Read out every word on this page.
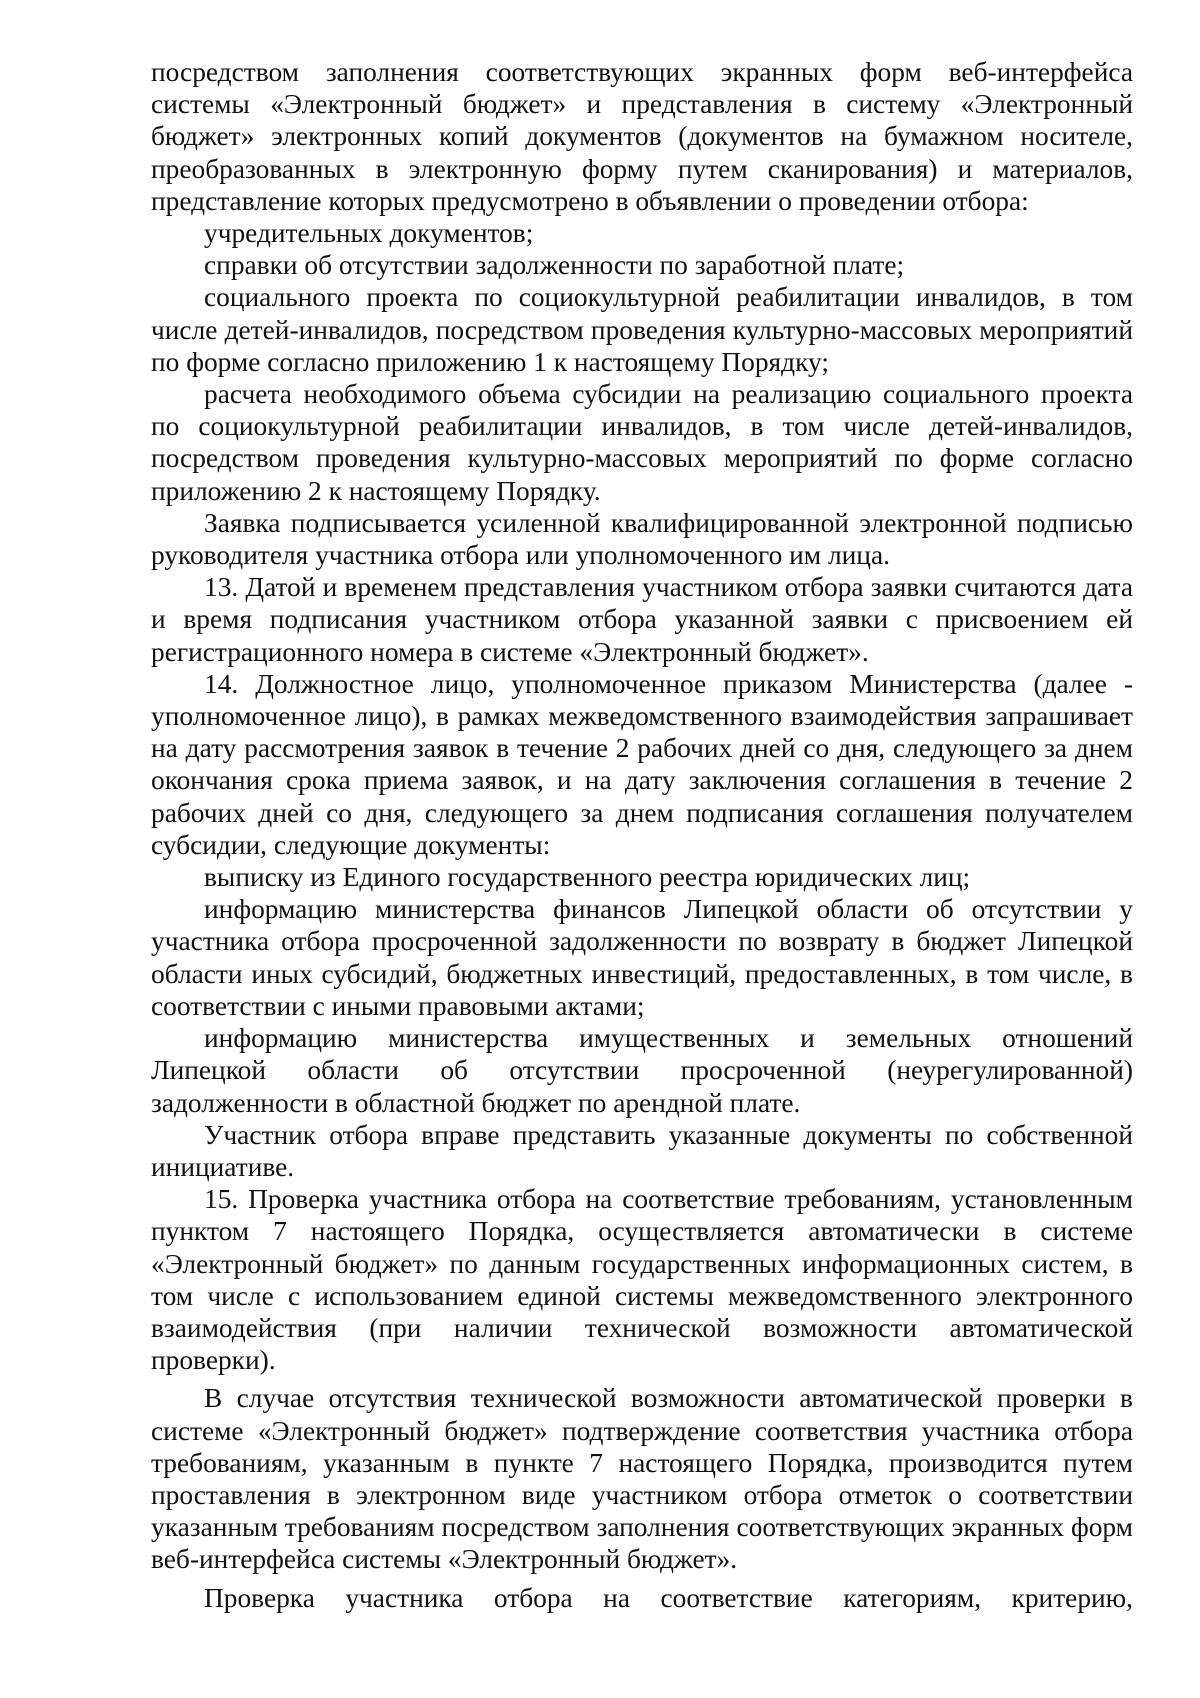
посредством заполнения соответствующих экранных форм веб-интерфейса системы «Электронный бюджет» и представления в систему «Электронный бюджет» электронных копий документов (документов на бумажном носителе, преобразованных в электронную форму путем сканирования) и материалов, представление которых предусмотрено в объявлении о проведении отбора:

учредительных документов;

справки об отсутствии задолженности по заработной плате;

социального проекта по социокультурной реабилитации инвалидов, в том числе детей-инвалидов, посредством проведения культурно-массовых мероприятий по форме согласно приложению 1 к настоящему Порядку;

расчета необходимого объема субсидии на реализацию социального проекта по социокультурной реабилитации инвалидов, в том числе детей-инвалидов, посредством проведения культурно-массовых мероприятий по форме согласно приложению 2 к настоящему Порядку.

Заявка подписывается усиленной квалифицированной электронной подписью руководителя участника отбора или уполномоченного им лица.

13. Датой и временем представления участником отбора заявки считаются дата и время подписания участником отбора указанной заявки с присвоением ей регистрационного номера в системе «Электронный бюджет».

14. Должностное лицо, уполномоченное приказом Министерства (далее - уполномоченное лицо), в рамках межведомственного взаимодействия запрашивает на дату рассмотрения заявок в течение 2 рабочих дней со дня, следующего за днем окончания срока приема заявок, и на дату заключения соглашения в течение 2 рабочих дней со дня, следующего за днем подписания соглашения получателем субсидии, следующие документы:

выписку из Единого государственного реестра юридических лиц;

информацию министерства финансов Липецкой области об отсутствии у участника отбора просроченной задолженности по возврату в бюджет Липецкой области иных субсидий, бюджетных инвестиций, предоставленных, в том числе, в соответствии с иными правовыми актами;

информацию министерства имущественных и земельных отношений Липецкой области об отсутствии просроченной (неурегулированной) задолженности в областной бюджет по арендной плате.

Участник отбора вправе представить указанные документы по собственной инициативе.

15. Проверка участника отбора на соответствие требованиям, установленным пунктом 7 настоящего Порядка, осуществляется автоматически в системе «Электронный бюджет» по данным государственных информационных систем, в том числе с использованием единой системы межведомственного электронного взаимодействия (при наличии технической возможности автоматической проверки).

В случае отсутствия технической возможности автоматической проверки в системе «Электронный бюджет» подтверждение соответствия участника отбора требованиям, указанным в пункте 7 настоящего Порядка, производится путем проставления в электронном виде участником отбора отметок о соответствии указанным требованиям посредством заполнения соответствующих экранных форм веб-интерфейса системы «Электронный бюджет».

Проверка участника отбора на соответствие категориям, критерию,
